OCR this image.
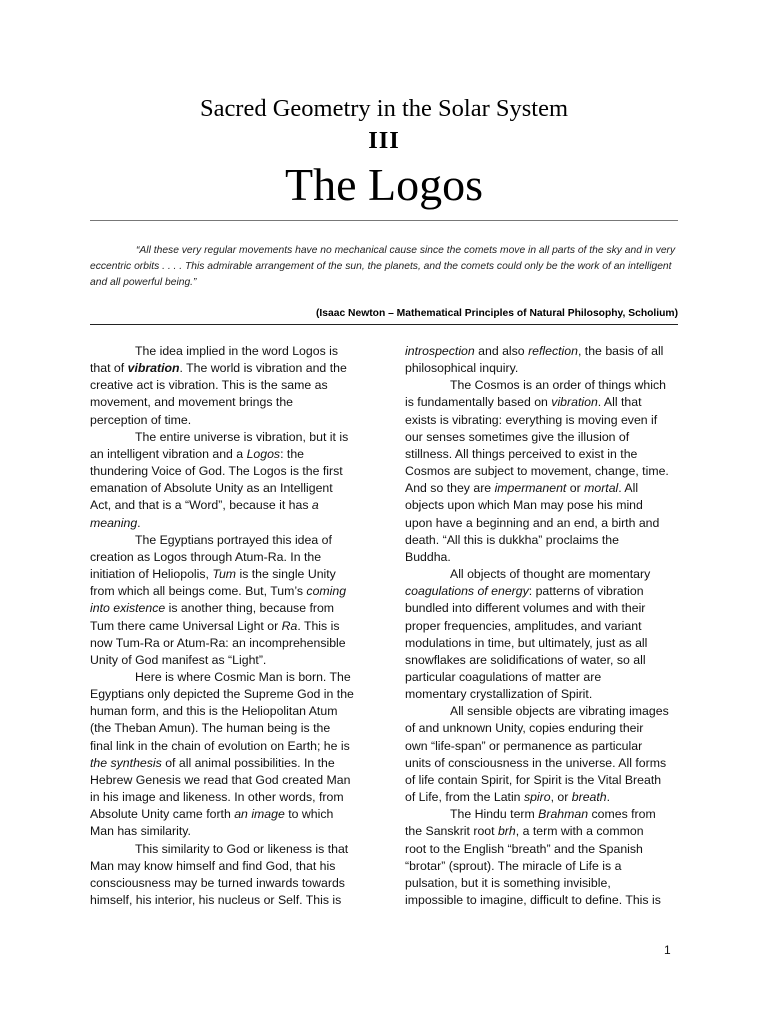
Sacred Geometry in the Solar System
III
The Logos
“All these very regular movements have no mechanical cause since the comets move in all parts of the sky and in very eccentric orbits . . . . This admirable arrangement of the sun, the planets, and the comets could only be the work of an intelligent and all powerful being.”
(Isaac Newton – Mathematical Principles of Natural Philosophy, Scholium)

The idea implied in the word Logos is
that of vibration. The world is vibration and the
creative act is vibration. This is the same as
movement, and movement brings the
perception of time.

The entire universe is vibration, but it is
an intelligent vibration and a Logos: the
thundering Voice of God. The Logos is the first
emanation of Absolute Unity as an Intelligent
Act, and that is a “Word”, because it has a
meaning.

The Egyptians portrayed this idea of
creation as Logos through Atum-Ra. In the
initiation of Heliopolis, Tum is the single Unity
from which all beings come. But, Tum’s coming
into existence is another thing, because from
Tum there came Universal Light or Ra. This is
now Tum-Ra or Atum-Ra: an incomprehensible
Unity of God manifest as “Light”.

Here is where Cosmic Man is born. The
Egyptians only depicted the Supreme God in the
human form, and this is the Heliopolitan Atum
(the Theban Amun). The human being is the
final link in the chain of evolution on Earth; he is
the synthesis of all animal possibilities. In the
Hebrew Genesis we read that God created Man
in his image and likeness. In other words, from
Absolute Unity came forth an image to which
Man has similarity.

This similarity to God or likeness is that
Man may know himself and find God, that his
consciousness may be turned inwards towards
himself, his interior, his nucleus or Self. This is

introspection and also reflection, the basis of all
philosophical inquiry.

The Cosmos is an order of things which
is fundamentally based on vibration. All that
exists is vibrating: everything is moving even if
our senses sometimes give the illusion of
stillness. All things perceived to exist in the
Cosmos are subject to movement, change, time.
And so they are impermanent or mortal. All
objects upon which Man may pose his mind
upon have a beginning and an end, a birth and
death. “All this is dukkha” proclaims the
Buddha.

All objects of thought are momentary
coagulations of energy: patterns of vibration
bundled into different volumes and with their
proper frequencies, amplitudes, and variant
modulations in time, but ultimately, just as all
snowflakes are solidifications of water, so all
particular coagulations of matter are
momentary crystallization of Spirit.

All sensible objects are vibrating images
of and unknown Unity, copies enduring their
own “life-span” or permanence as particular
units of consciousness in the universe. All forms
of life contain Spirit, for Spirit is the Vital Breath
of Life, from the Latin spiro, or breath.

The Hindu term Brahman comes from
the Sanskrit root brh, a term with a common
root to the English “breath” and the Spanish
“brotar” (sprout). The miracle of Life is a
pulsation, but it is something invisible,
impossible to imagine, difficult to define. This is

1
